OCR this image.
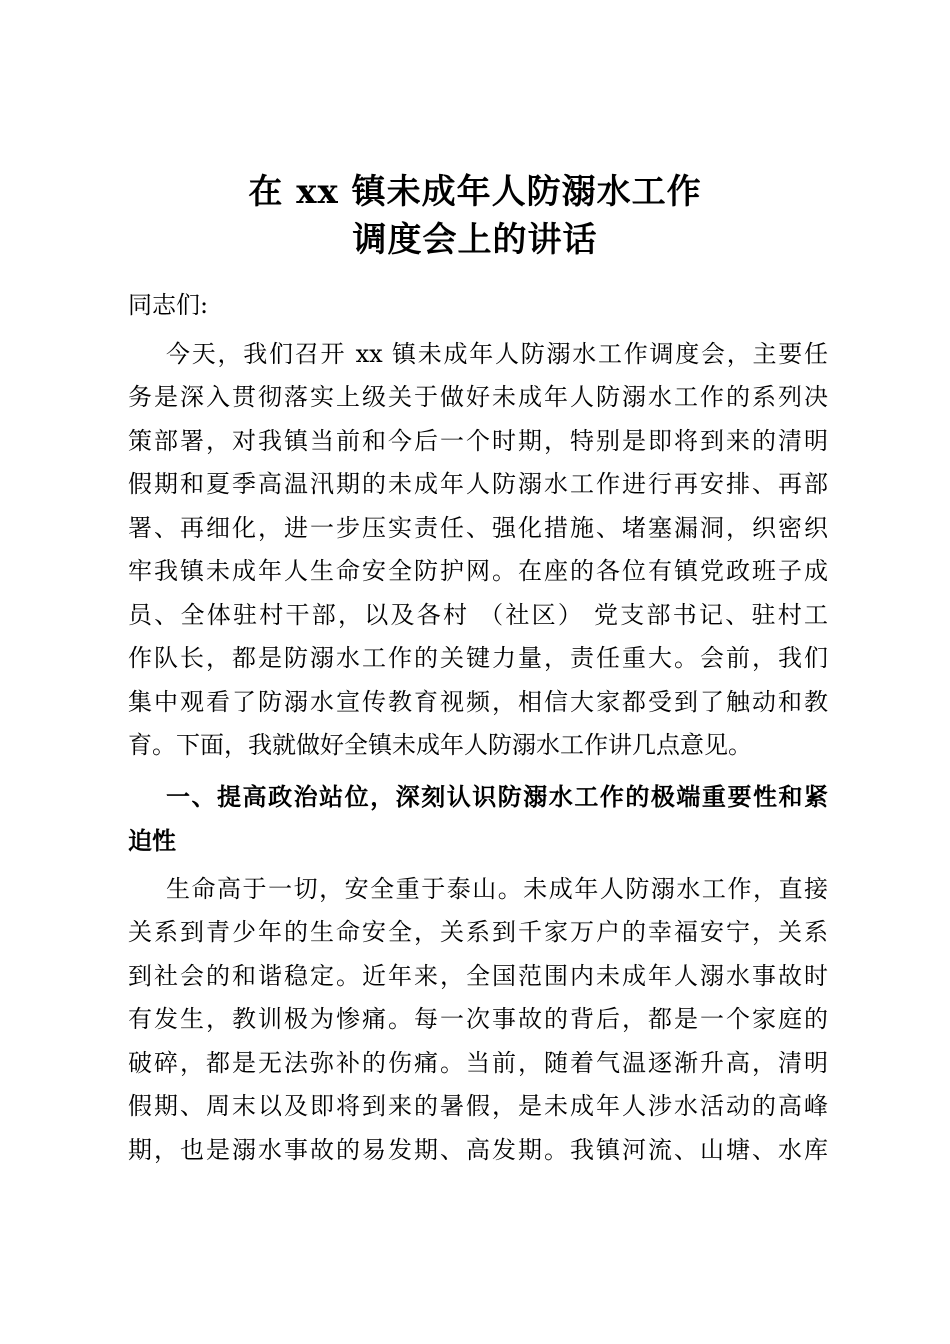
在 xx 镇未成年人防溺水工作
调度会上的讲话
同志们:
今天，我们召开 xx 镇未成年人防溺水工作调度会，主要任
务是深入贯彻落实上级关于做好未成年人防溺水工作的系列决
策部署，对我镇当前和今后一个时期，特别是即将到来的清明
假期和夏季高温汛期的未成年人防溺水工作进行再安排、再部
署、再细化，进一步压实责任、强化措施、堵塞漏洞，织密织
牢我镇未成年人生命安全防护网。在座的各位有镇党政班子成
员、全体驻村干部，以及各村 （社区） 党支部书记、驻村工
作队长，都是防溺水工作的关键力量，责任重大。会前，我们
集中观看了防溺水宣传教育视频，相信大家都受到了触动和教
育。下面，我就做好全镇未成年人防溺水工作讲几点意见。
一、提高政治站位，深刻认识防溺水工作的极端重要性和紧
迫性
生命高于一切，安全重于泰山。未成年人防溺水工作，直接
关系到青少年的生命安全，关系到千家万户的幸福安宁，关系
到社会的和谐稳定。近年来，全国范围内未成年人溺水事故时
有发生，教训极为惨痛。每一次事故的背后，都是一个家庭的
破碎，都是无法弥补的伤痛。当前，随着气温逐渐升高，清明
假期、周末以及即将到来的暑假，是未成年人涉水活动的高峰
期，也是溺水事故的易发期、高发期。我镇河流、山塘、水库
